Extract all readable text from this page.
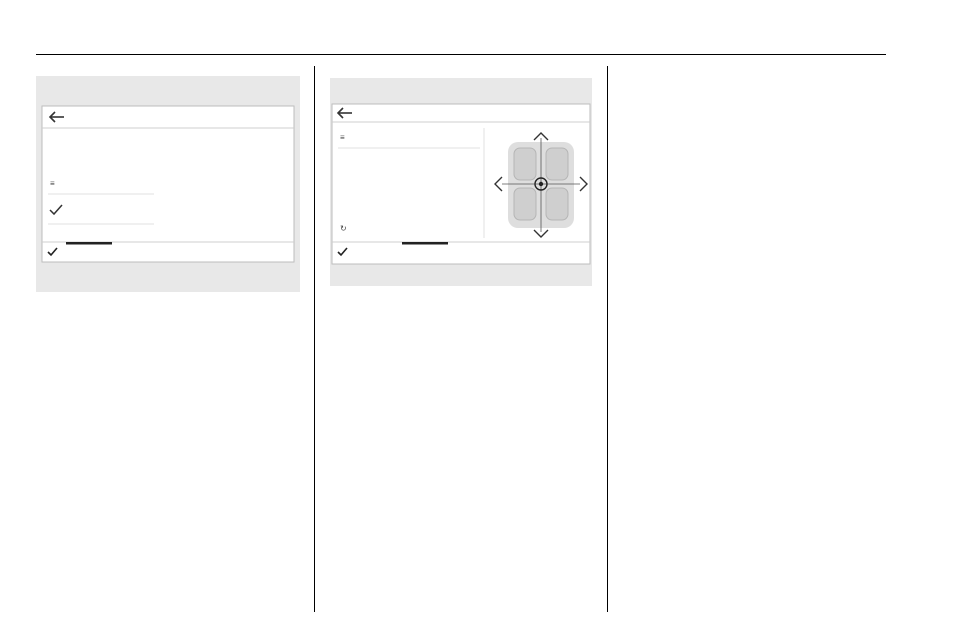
≡

≡
↻
